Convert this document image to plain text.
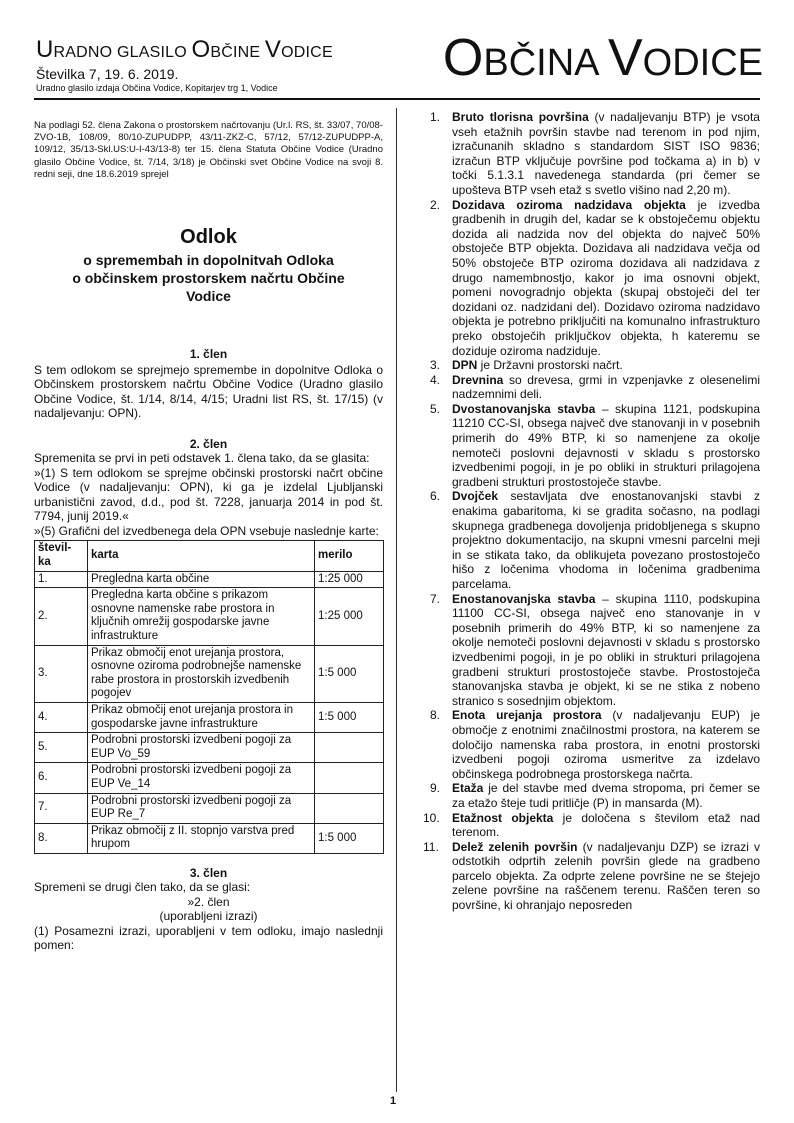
URADNO GLASILO OBČINE VODICE
Številka 7, 19. 6. 2019.
Uradno glasilo izdaja Občina Vodice, Kopitarjev trg 1, Vodice
OBČINA VODICE

Na podlagi 52. člena Zakona o prostorskem načrtovanju (Ur.l. RS, št. 33/07, 70/08-ZVO-1B, 108/09, 80/10-ZUPUDPP, 43/11-ZKZ-C, 57/12, 57/12-ZUPUDPP-A, 109/12, 35/13-Skl.US:U-I-43/13-8) ter 15. člena Statuta Občine Vodice (Uradno glasilo Občine Vodice, št. 7/14, 3/18) je Občinski svet Občine Vodice na svoji 8. redni seji, dne 18.6.2019 sprejel

Odlok
o spremembah in dopolnitvah Odloka
o občinskem prostorskem načrtu Občine
Vodice
1. člen

S tem odlokom se sprejmejo spremembe in dopolnitve Odloka o Občinskem prostorskem načrtu Občine Vodice (Uradno glasilo Občine Vodice, št. 1/14, 8/14, 4/15; Uradni list RS, št. 17/15) (v nadaljevanju: OPN).

2. člen

Spremenita se prvi in peti odstavek 1. člena tako, da se glasita:

»(1) S tem odlokom se sprejme občinski prostorski načrt občine Vodice (v nadaljevanju: OPN), ki ga je izdelal Ljubljanski urbanistični zavod, d.d., pod št. 7228, januarja 2014 in pod št. 7794, junij 2019.«

»(5) Grafični del izvedbenega dela OPN vsebuje naslednje karte:

števil-ka	karta	merilo
1.	Pregledna karta občine	1:25 000
2.	Pregledna karta občine s prikazom osnovne namenske rabe prostora in ključnih omrežij gospodarske javne infrastrukture	1:25 000
3.	Prikaz območij enot urejanja prostora, osnovne oziroma podrobnejše namenske rabe prostora in prostorskih izvedbenih pogojev	1:5 000
4.	Prikaz območij enot urejanja prostora in gospodarske javne infrastrukture	1:5 000
5.	Podrobni prostorski izvedbeni pogoji za EUP Vo_59	
6.	Podrobni prostorski izvedbeni pogoji za EUP Ve_14	
7.	Podrobni prostorski izvedbeni pogoji za EUP Re_7	
8.	Prikaz območij z II. stopnjo varstva pred hrupom	1:5 000
3. člen

Spremeni se drugi člen tako, da se glasi:

»2. člen

(uporabljeni izrazi)

(1) Posamezni izrazi, uporabljeni v tem odloku, imajo naslednji pomen:

1. Bruto tlorisna površina (v nadaljevanju BTP) je vsota vseh etažnih površin stavbe nad terenom in pod njim, izračunanih skladno s standardom SIST ISO 9836; izračun BTP vključuje površine pod točkama a) in b) v točki 5.1.3.1 navedenega standarda (pri čemer se upošteva BTP vseh etaž s svetlo višino nad 2,20 m).
2. Dozidava oziroma nadzidava objekta je izvedba gradbenih in drugih del, kadar se k obstoječemu objektu dozida ali nadzida nov del objekta do največ 50% obstoječe BTP objekta. Dozidava ali nadzidava večja od 50% obstoječe BTP oziroma dozidava ali nadzidava z drugo namembnostjo, kakor jo ima osnovni objekt, pomeni novogradnjo objekta (skupaj obstoječi del ter dozidani oz. nadzidani del). Dozidavo oziroma nadzidavo objekta je potrebno priključiti na komunalno infrastrukturo preko obstoječih priključkov objekta, h kateremu se doziduje oziroma nadziduje.
3. DPN je Državni prostorski načrt.
4. Drevnina so drevesa, grmi in vzpenjavke z olesenelimi nadzemnimi deli.
5. Dvostanovanjska stavba – skupina 1121, podskupina 11210 CC-SI, obsega največ dve stanovanji in v posebnih primerih do 49% BTP, ki so namenjene za okolje nemoteči poslovni dejavnosti v skladu s prostorsko izvedbenimi pogoji, in je po obliki in strukturi prilagojena gradbeni strukturi prostostoječe stavbe.
6. Dvojček sestavljata dve enostanovanjski stavbi z enakima gabaritoma, ki se gradita sočasno, na podlagi skupnega gradbenega dovoljenja pridobljenega s skupno projektno dokumentacijo, na skupni vmesni parcelni meji in se stikata tako, da oblikujeta povezano prostostoječo hišo z ločenima vhodoma in ločenima gradbenima parcelama.
7. Enostanovanjska stavba – skupina 1110, podskupina 11100 CC-SI, obsega največ eno stanovanje in v posebnih primerih do 49% BTP, ki so namenjene za okolje nemoteči poslovni dejavnosti v skladu s prostorsko izvedbenimi pogoji, in je po obliki in strukturi prilagojena gradbeni strukturi prostostoječe stavbe. Prostostoječa stanovanjska stavba je objekt, ki se ne stika z nobeno stranico s sosednjim objektom.
8. Enota urejanja prostora (v nadaljevanju EUP) je območje z enotnimi značilnostmi prostora, na katerem se določijo namenska raba prostora, in enotni prostorski izvedbeni pogoji oziroma usmeritve za izdelavo občinskega podrobnega prostorskega načrta.
9. Etaža je del stavbe med dvema stropoma, pri čemer se za etažo šteje tudi pritličje (P) in mansarda (M).
10. Etažnost objekta je določena s številom etaž nad terenom.
11. Delež zelenih površin (v nadaljevanju DZP) se izrazi v odstotkih odprtih zelenih površin glede na gradbeno parcelo objekta. Za odprte zelene površine ne se štejejo zelene površine na raščenem terenu. Raščen teren so površine, ki ohranjajo neposreden
1
